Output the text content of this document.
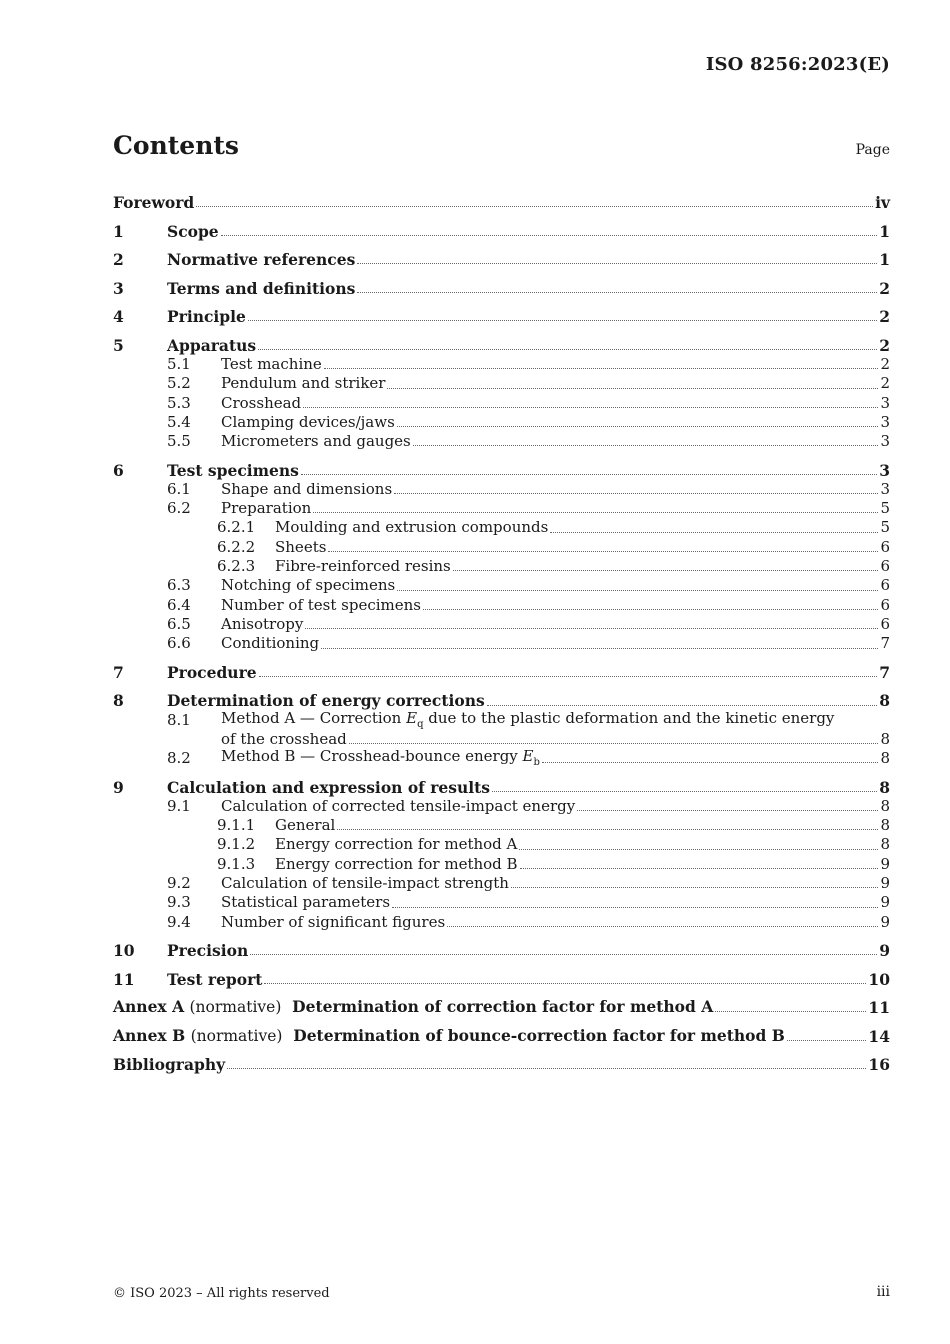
ISO 8256:2023(E)
Contents	Page
Foreword	iv
1	Scope	1
2	Normative references	1
3	Terms and definitions	2
4	Principle	2
5	Apparatus	2
5.1	Test machine	2
5.2	Pendulum and striker	2
5.3	Crosshead	3
5.4	Clamping devices/jaws	3
5.5	Micrometers and gauges	3
6	Test specimens	3
6.1	Shape and dimensions	3
6.2	Preparation	5
6.2.1	Moulding and extrusion compounds	5
6.2.2	Sheets	6
6.2.3	Fibre-reinforced resins	6
6.3	Notching of specimens	6
6.4	Number of test specimens	6
6.5	Anisotropy	6
6.6	Conditioning	7
7	Procedure	7
8	Determination of energy corrections	8
8.1	Method A — Correction $E_q$ due to the plastic deformation and the kinetic energy
of the crosshead	8
8.2	Method B — Crosshead-bounce energy $E_b$	8
9	Calculation and expression of results	8
9.1	Calculation of corrected tensile-impact energy	8
9.1.1	General	8
9.1.2	Energy correction for method A	8
9.1.3	Energy correction for method B	9
9.2	Calculation of tensile-impact strength	9
9.3	Statistical parameters	9
9.4	Number of significant figures	9
10	Precision	9
11	Test report	10
Annex A (normative) Determination of correction factor for method A	11
Annex B (normative) Determination of bounce-correction factor for method B	14
Bibliography	16
© ISO 2023 – All rights reserved	iii
